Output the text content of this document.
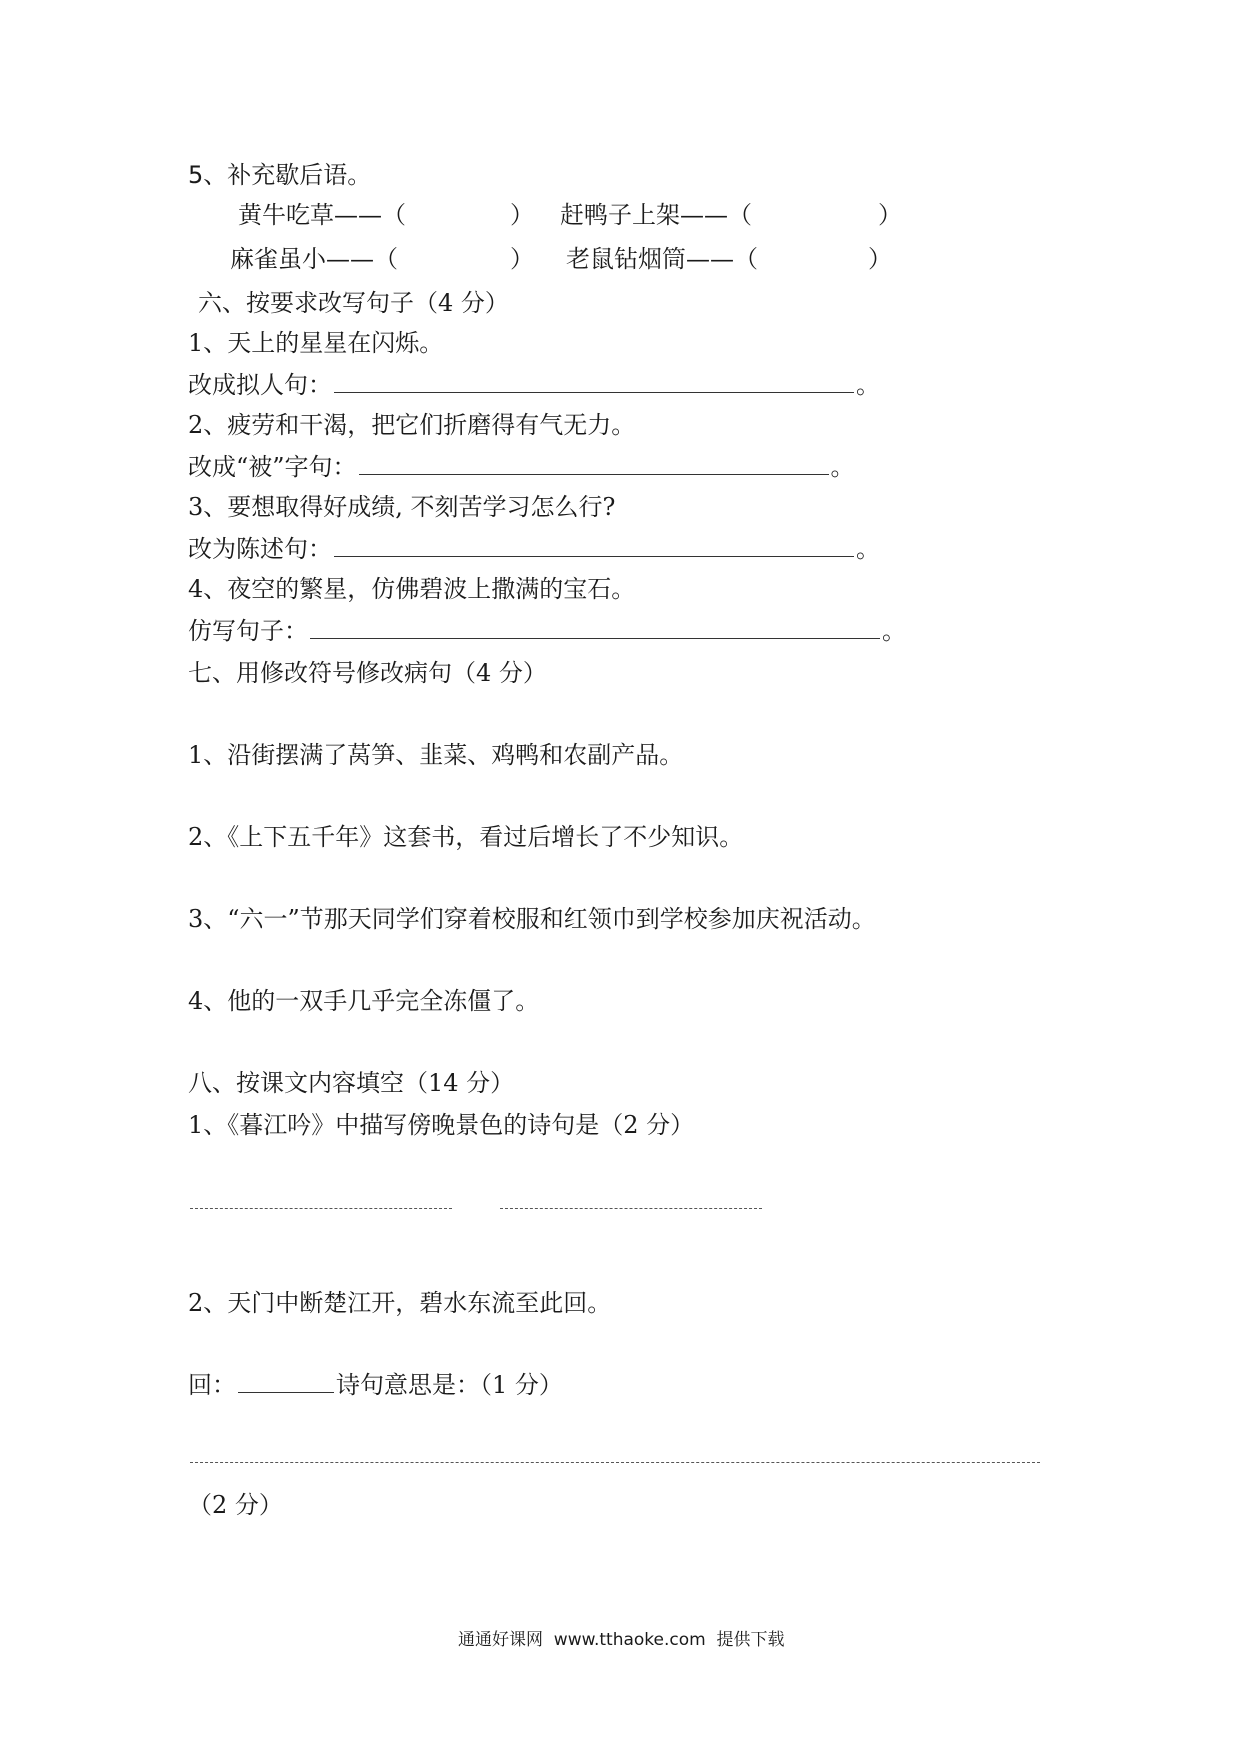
5、补充歇后语。
黄牛吃草——（	） 赶鸭子上架——（	）
麻雀虽小——（	） 老鼠钻烟筒——（	）
六、按要求改写句子（4 分）
1、天上的星星在闪烁。
改成拟人句：	。
2、疲劳和干渴，把它们折磨得有气无力。
改成“被”字句：	。
3、要想取得好成绩, 不刻苦学习怎么行?
改为陈述句：	。
4、夜空的繁星，仿佛碧波上撒满的宝石。
仿写句子：	。
七、用修改符号修改病句（4 分）
1、沿街摆满了莴笋、韭菜、鸡鸭和农副产品。
2、《上下五千年》这套书，看过后增长了不少知识。
3、“六一”节那天同学们穿着校服和红领巾到学校参加庆祝活动。
4、他的一双手几乎完全冻僵了。
八、按课文内容填空（14 分）
1、《暮江吟》中描写傍晚景色的诗句是（2 分）
2、天门中断楚江开，碧水东流至此回。
回：	诗句意思是：（1 分）
（2 分）
通通好课网  www.tthaoke.com  提供下载
